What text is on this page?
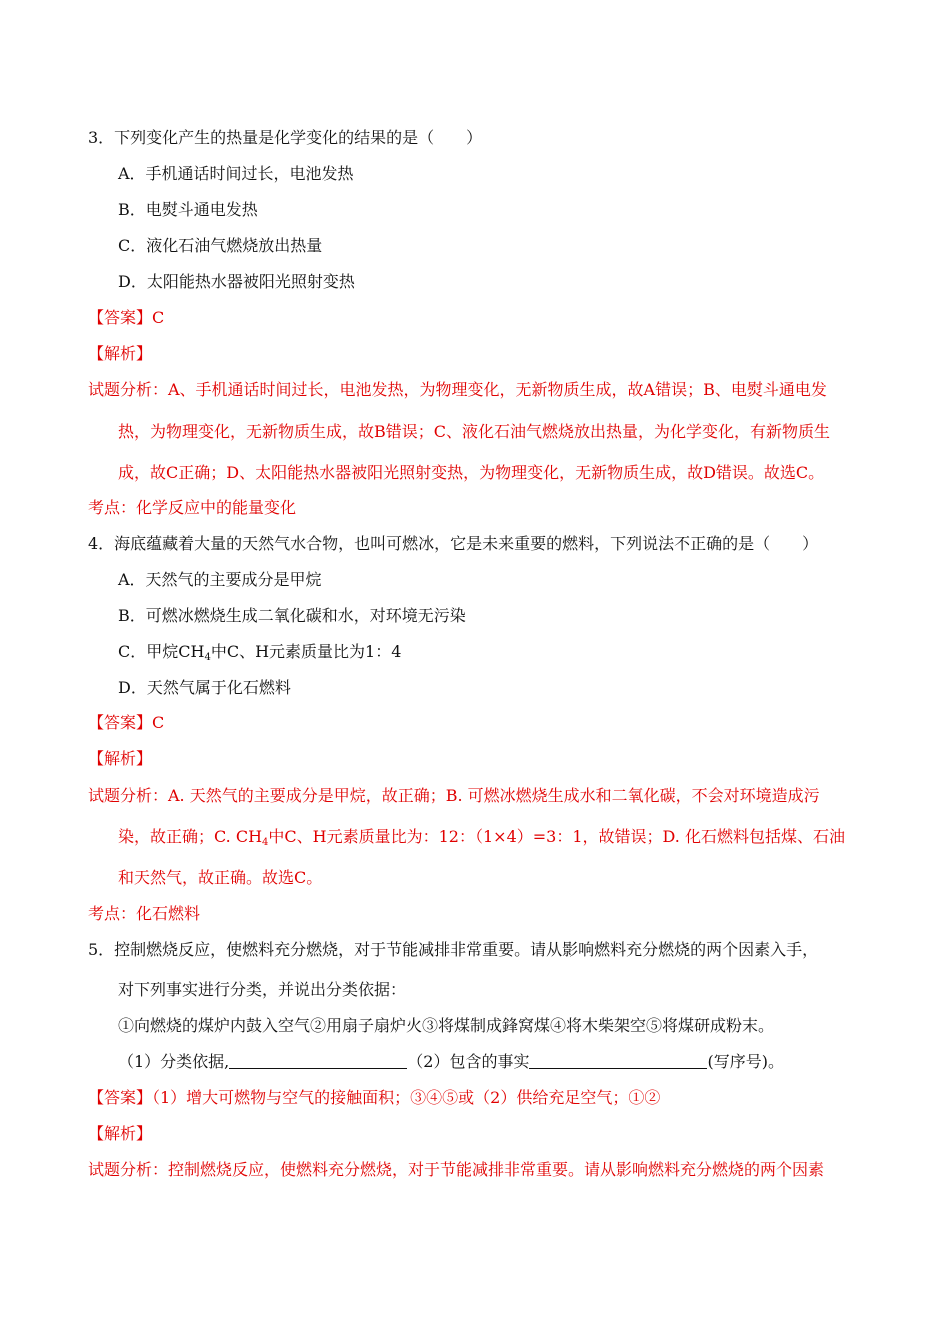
3．下列变化产生的热量是化学变化的结果的是（　　）
A．手机通话时间过长，电池发热
B．电熨斗通电发热
C．液化石油气燃烧放出热量
D．太阳能热水器被阳光照射变热
【答案】C
【解析】
试题分析：A、手机通话时间过长，电池发热，为物理变化，无新物质生成，故A错误；B、电熨斗通电发
热，为物理变化，无新物质生成，故B错误；C、液化石油气燃烧放出热量，为化学变化，有新物质生
成，故C正确；D、太阳能热水器被阳光照射变热，为物理变化，无新物质生成，故D错误。故选C。
考点：化学反应中的能量变化
4．海底蕴藏着大量的天然气水合物，也叫可燃冰，它是未来重要的燃料，下列说法不正确的是（　　）
A．天然气的主要成分是甲烷
B．可燃冰燃烧生成二氧化碳和水，对环境无污染
C．甲烷$CH_4$中C、H元素质量比为1：4
D．天然气属于化石燃料
【答案】C
【解析】
试题分析：A. 天然气的主要成分是甲烷，故正确；B. 可燃冰燃烧生成水和二氧化碳，不会对环境造成污
染，故正确；C. $CH_4$中C、H元素质量比为：12：（1×4）=3：1，故错误；D. 化石燃料包括煤、石油
和天然气，故正确。故选C。
考点：化石燃料
5．控制燃烧反应，使燃料充分燃烧，对于节能减排非常重要。请从影响燃料充分燃烧的两个因素入手，
对下列事实进行分类，并说出分类依据：
①向燃烧的煤炉内鼓入空气②用扇子扇炉火③将煤制成鋒窝煤④将木柴架空⑤将煤研成粉末。
（1）分类依据,	（2）包含的事实	(写序号)。
【答案】（1）增大可燃物与空气的接触面积；③④⑤或（2）供给充足空气；①②
【解析】
试题分析：控制燃烧反应，使燃料充分燃烧，对于节能减排非常重要。请从影响燃料充分燃烧的两个因素
